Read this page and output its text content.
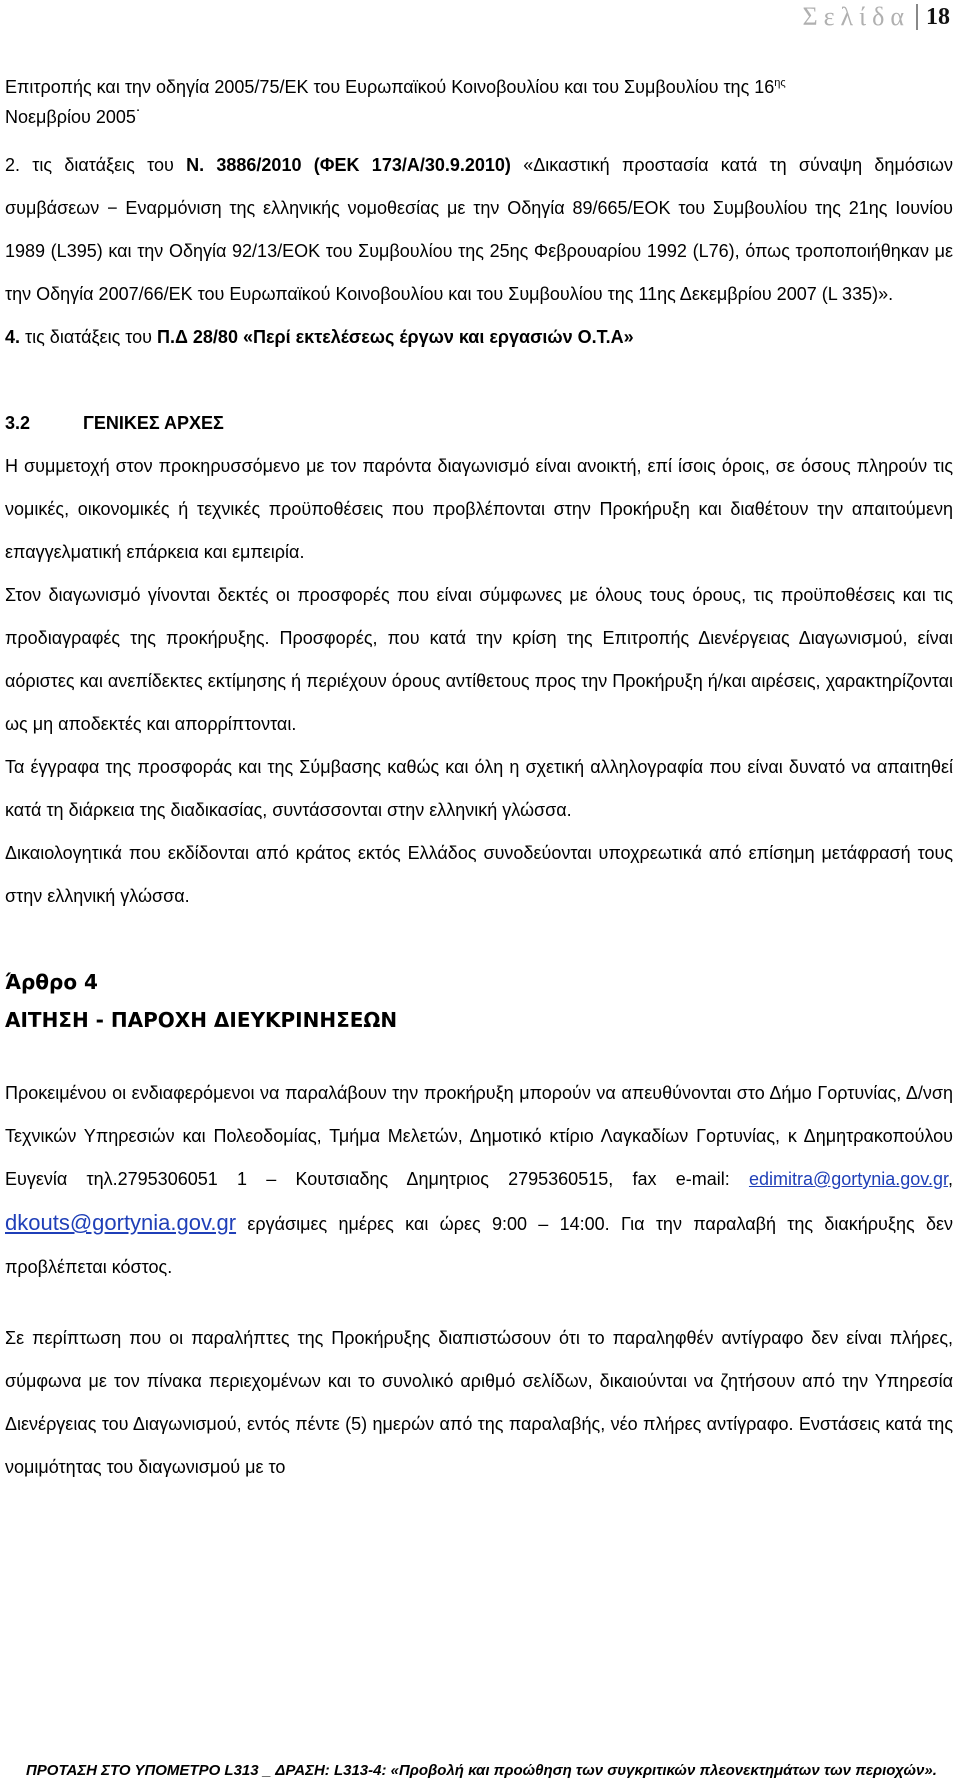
Σελίδα 18

Επιτροπής και την οδηγία 2005/75/ΕΚ του Ευρωπαϊκού Κοινοβουλίου και του Συμβουλίου της $16^{\eta\varsigma}$
Νοεμβρίου 2005˙

2. τις διατάξεις του Ν. 3886/2010 (ΦΕΚ 173/Α/30.9.2010) «Δικαστική προστασία κατά τη σύναψη δημόσιων συμβάσεων − Εναρμόνιση της ελληνικής νομοθεσίας με την Οδηγία 89/665/ΕΟΚ του Συμβουλίου της 21ης Ιουνίου 1989 (L395) και την Οδηγία 92/13/ΕΟΚ του Συμβουλίου της 25ης Φεβρουαρίου 1992 (L76), όπως τροποποιήθηκαν με την Οδηγία 2007/66/ΕΚ του Ευρωπαϊκού Κοινοβουλίου και του Συμβουλίου της 11ης Δεκεμβρίου 2007 (L 335)».

4. τις διατάξεις του Π.Δ 28/80 «Περί εκτελέσεως έργων και εργασιών Ο.Τ.Α»

3.2	ΓΕΝΙΚΕΣ ΑΡΧΕΣ

Η συμμετοχή στον προκηρυσσόμενο με τον παρόντα διαγωνισμό είναι ανοικτή, επί ίσοις όροις, σε όσους πληρούν τις νομικές, οικονομικές ή τεχνικές προϋποθέσεις που προβλέπονται στην Προκήρυξη και διαθέτουν την απαιτούμενη επαγγελματική επάρκεια και εμπειρία.

Στον διαγωνισμό γίνονται δεκτές οι προσφορές που είναι σύμφωνες με όλους τους όρους, τις προϋποθέσεις και τις προδιαγραφές της προκήρυξης. Προσφορές, που κατά την κρίση της Επιτροπής Διενέργειας Διαγωνισμού, είναι αόριστες και ανεπίδεκτες εκτίμησης ή περιέχουν όρους αντίθετους προς την Προκήρυξη ή/και αιρέσεις, χαρακτηρίζονται ως μη αποδεκτές και απορρίπτονται.

Τα έγγραφα της προσφοράς και της Σύμβασης καθώς και όλη η σχετική αλληλογραφία που είναι δυνατό να απαιτηθεί κατά τη διάρκεια της διαδικασίας, συντάσσονται στην ελληνική γλώσσα.

Δικαιολογητικά που εκδίδονται από κράτος εκτός Ελλάδος συνοδεύονται υποχρεωτικά από επίσημη μετάφρασή τους στην ελληνική γλώσσα.

Άρθρο 4

ΑΙΤΗΣΗ - ΠΑΡΟΧΗ ΔΙΕΥΚΡΙΝΗΣΕΩΝ

Προκειμένου οι ενδιαφερόμενοι να παραλάβουν την προκήρυξη μπορούν να απευθύνονται στο Δήμο Γορτυνίας, Δ/νση Τεχνικών Υπηρεσιών και Πολεοδομίας, Τμήμα Μελετών, Δημοτικό κτίριο Λαγκαδίων Γορτυνίας, κ Δημητρακοπούλου Ευγενία τηλ.2795306051 1 – Κουτσιαδης Δημητριος 2795360515, fax e-mail: edimitra@gortynia.gov.gr, dkouts@gortynia.gov.gr εργάσιμες ημέρες και ώρες 9:00 – 14:00. Για την παραλαβή της διακήρυξης δεν προβλέπεται κόστος.

Σε περίπτωση που οι παραλήπτες της Προκήρυξης διαπιστώσουν ότι το παραληφθέν αντίγραφο δεν είναι πλήρες, σύμφωνα με τον πίνακα περιεχομένων και το συνολικό αριθμό σελίδων, δικαιούνται να ζητήσουν από την Υπηρεσία Διενέργειας του Διαγωνισμού, εντός πέντε (5) ημερών από της παραλαβής, νέο πλήρες αντίγραφο. Ενστάσεις κατά της νομιμότητας του διαγωνισμού με το

ΠΡΟΤΑΣΗ ΣΤΟ ΥΠΟΜΕΤΡΟ L313 _ ΔΡΑΣΗ: L313-4: «Προβολή και προώθηση των συγκριτικών πλεονεκτημάτων των περιοχών».
